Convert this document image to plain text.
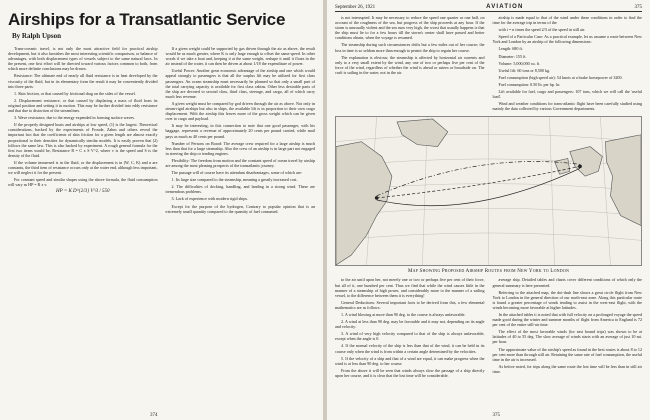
Airships for a Transatlantic Service
By Ralph Upson

Trans-oceanic travel, is not only the most attractive field for practical airship development, but it also furnishes the most interesting scientific comparison, or balance of advantages, with both displacement types of vessels subject to the same natural laws. In the present, one first effort will be directed toward various factors common to both, from which more definite conclusions may be drawn.

Resistance: The ultimate end of nearly all fluid resistance is in heat developed by the viscosity of the fluid, but in its elementary form the result it may be conveniently divided into three parts:

1. Skin friction, or that caused by frictional drag on the sides of the vessel.

2. Displacement resistance, or that caused by displacing a mass of fluid from its original position and setting it in motion. This may be further divided into eddy resistance and that due to distortion of the streamlines.

3. Wave resistance, due to the energy expended in forming surface waves.

If the properly designed boats and airships at low speed, (1) is the largest. Theoretical considerations, backed by the experiments of Froude, Zahm and others reveal the important fact that the coefficients of skin friction for a given length are almost exactly proportional to their densities for dynamically similar models. It is easily proven that (2) follows the same law. This is also backed by experiment. A rough general formula for the first two items would be, Resistance R = C x S V^2, where v is the speed and S is the density of the fluid.

If the volume immersed is in the fluid, or the displacement is in (W, C, K) and n are constants, the third item of resistance occurs only at the water end, although less important, we will neglect it for the present.

For constant speed and similar shapes using the above formula, the fluid consumption will vary as HP = R x v.

HP = K D^{2/3} V^3 / 550

If a given weight could be supported by gas driven through the air as above, the result would be as much greater, where K is only large enough to offset the same speed. In other words if we take a boat and, keeping it at the same weight, reshape it until it floats in the air instead of the water, it can then be driven at about 1/18 the expenditure of power.

Useful Power: Another great economic advantage of the airship and one which would appeal strongly to passengers is that all the surplus lift may be utilized for first class passengers. An ocean steamship must necessarily be planned so that only a small part of the total carrying capacity is available for first class cabins. Other less desirable parts of the ship are devoted to second class, third class, steerage, and cargo, all of which carry much less revenue.

A given weight must be compared by god driven through the air as above. Not only in steam-rigid airships but also in ships, the available lift is in proportion to their own cargo displacement. With the airship this leaves more of the gross weight which can be given over to cargo and payload.

It may be interesting, in this connection to note that one good passenger, with his baggage, represents a revenue of approximately 20 cents per pound carried, while mail pays as much as 40 cents per pound.

Number of Persons on Board: The average crew required for a large airship is much less than that for a large steamship. Also the crew of an airship is in large part not engaged in steering the ship or tending engines.

Flexibility: The freedom from motion and the constant speed of ocean travel by airship are among the most pleasing prospects of the transatlantic journey.

The passage will of course have its attendant disadvantages, some of which are:

1. Its large size compared to the steamship, meaning a greatly increased cost.

2. The difficulties of docking, handling, and landing in a strong wind. These are tremendous problems.

3. Lack of experience with modern rigid ships.

Except for the purpose of the hydrogen, Contrary to popular opinion that is an extremely small quantity compared to the quantity of fuel consumed.

374
September 26, 1921	AVIATION	375

is not interrupted. It may be necessary to reduce the speed one quarter or one half, on account of the roughness of the sea, but progress of the ship proceeds at any hour. If the storm is unusually violent and the sea runs very high, the worst that usually happens is that the ship must lie to for a few hours till the storm's center shall have passed and better conditions obtain, when the voyage is resumed.

The steamship during such circumstances drifts but a few miles out of her course; the loss in time is so seldom more than enough to permit the ship to regain her course.

The explanation is obvious; the steamship is affected by horizontal air currents and only to a very small extent by the wind, any one of two or perhaps five per cent of the force of the wind, regardless of whether the wind is ahead or astern or broadside on. The craft is sailing in the water, not in the air.

airship is made equal to that of the wind under these conditions in order to find the time for the average trip in terms of the

with t = n times the speed 2/3 of the speed in still air.

Speed of a Particular Case: As a practical example, let us assume a route between New York and London by an airship of the following dimensions:

Length: 680 ft.

Diameter: 155 ft.

Volume: 5,000,000 cu. ft.

Useful lift: 60 tons or 8,500 kg.

Fuel consumption (high speed air): 54 knots at a brake horsepower of 3200.

Fuel consumption: 0.50 lb. per hp. hr.

Lift available for fuel, cargo and passengers: 107 tons, which we will call the 'useful load'.

Wind and weather conditions for trans-atlantic flight have been carefully studied using mainly the data collected by various Government departments.

Map Showing Proposed Airship Routes from New York to London

to the air until upon her, not merely one or two or perhaps five per cent of their force, but all of it, one hundred per cent. Thus we find that while the wind causes little in the manner of a steamship of high power, and considerably more to the manner of a sailing vessel, to the difference between them it is everything!

General Deductions: Several important facts to be derived from this, a few elemental mathematics are as follows:

1. A wind blowing at more than 90 deg. to the course is always unfavorable.

2. A wind at less than 90 deg. may be favorable and it may not, depending on its angle and velocity.

3. A wind of very high velocity compared to that of the ship is always unfavorable, except when the angle is 0.

4. If the normal velocity of the ship is less than that of the wind, it can be held in its course only when the wind is from within a certain angle determined by the velocities.

5. If the velocity of a ship and that of a wind are equal, it can make progress when the wind is at less than 90 deg. to her course.

From the above it will be seen that winds always slow the passage of a ship directly upon her course, and it is clear that the lost time will be considerable.

average ship. Detailed tables and charts cover different conditions of which only the general summary is here presented.

Referring to the attached map, the dot-dash line shows a great circle flight from New York to London in the general direction of our north-east zone. Along this particular route is found a greater percentage of winds tending to assist in the west-east flight, with the winds becoming more favorable at higher latitudes.

In the attached tables it is noted that with full velocity on a prolonged voyage the speed made good during the winter and summer months of flight from America to England is 72 per cent of the entire still-air time.

The effect of the most favorable winds (for east bound trips) was shown to be at latitudes of 40 to 55 deg. The slow average of winds starts with an average of just 10 mi. per hour.

The approximate value of the airship's speed as found in the best routes is about 8 to 12 per cent more than through still air. Retaining the same rate of fuel consumption, the useful time in the air is increased.

As before noted, for trips along the same route the lost time will be less than in still air time.

375
